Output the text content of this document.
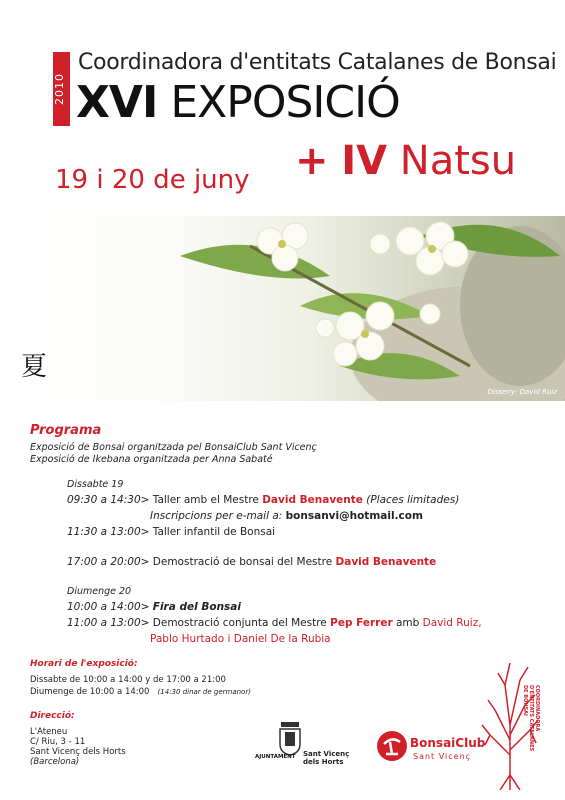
2010
Coordinadora d'entitats Catalanes de Bonsai
XVI EXPOSICIÓ
+ IV Natsu
19 i 20 de juny
Disseny: David Ruiz
夏
Programa
Exposició de Bonsai organitzada pel BonsaiClub Sant Vicenç
Exposició de Ikebana organitzada per Anna Sabaté
Dissabte 19
09:30 a 14:30> Taller amb el Mestre David Benavente (Places limitades)
Inscripcions per e-mail a: bonsanvi@hotmail.com
11:30 a 13:00> Taller infantil de Bonsai
17:00 a 20:00> Demostració de bonsai del Mestre David Benavente
Diumenge 20
10:00 a 14:00> Fira del Bonsai
11:00 a 13:00> Demostració conjunta del Mestre Pep Ferrer amb David Ruiz,
Pablo Hurtado i Daniel De la Rubia
Horari de l'exposició:
Dissabte de 10:00 a 14:00 y de 17:00 a 21:00
Diumenge de 10:00 a 14:00 (14:30 dinar de germanor)
Direcció:
L'Ateneu
C/ Riu, 3 - 11
Sant Vicenç dels Horts
(Barcelona)	AJUNTAMENT Sant Vicenç
dels Horts
BonsaiClub
Sant Vicenç
COORDINADORA
D'ENTITATS CATALANES
DE BONSAI
